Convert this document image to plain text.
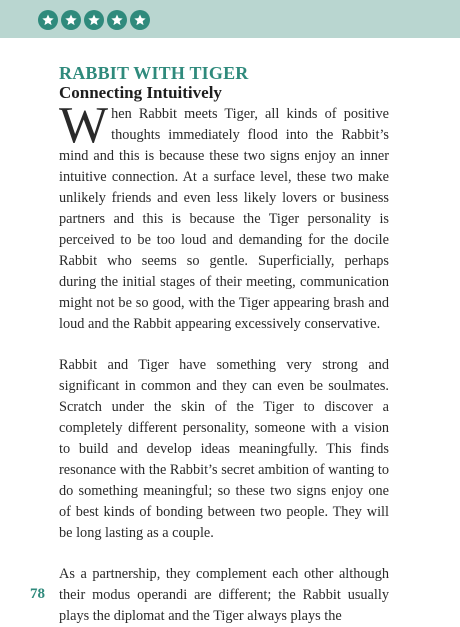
RABBIT WITH TIGER
Connecting Intuitively

When Rabbit meets Tiger, all kinds of positive thoughts immediately flood into the Rabbit’s mind and this is because these two signs enjoy an inner intuitive connection. At a surface level, these two make unlikely friends and even less likely lovers or business partners and this is because the Tiger personality is perceived to be too loud and demanding for the docile Rabbit who seems so gentle. Superficially, perhaps during the initial stages of their meeting, communication might not be so good, with the Tiger appearing brash and loud and the Rabbit appearing excessively conservative.

Rabbit and Tiger have something very strong and significant in common and they can even be soulmates. Scratch under the skin of the Tiger to discover a completely different personality, someone with a vision to build and develop ideas meaningfully. This finds resonance with the Rabbit’s secret ambition of wanting to do something meaningful; so these two signs enjoy one of best kinds of bonding between two people. They will be long lasting as a couple.

As a partnership, they complement each other although their modus operandi are different; the Rabbit usually plays the diplomat and the Tiger always plays the

78
